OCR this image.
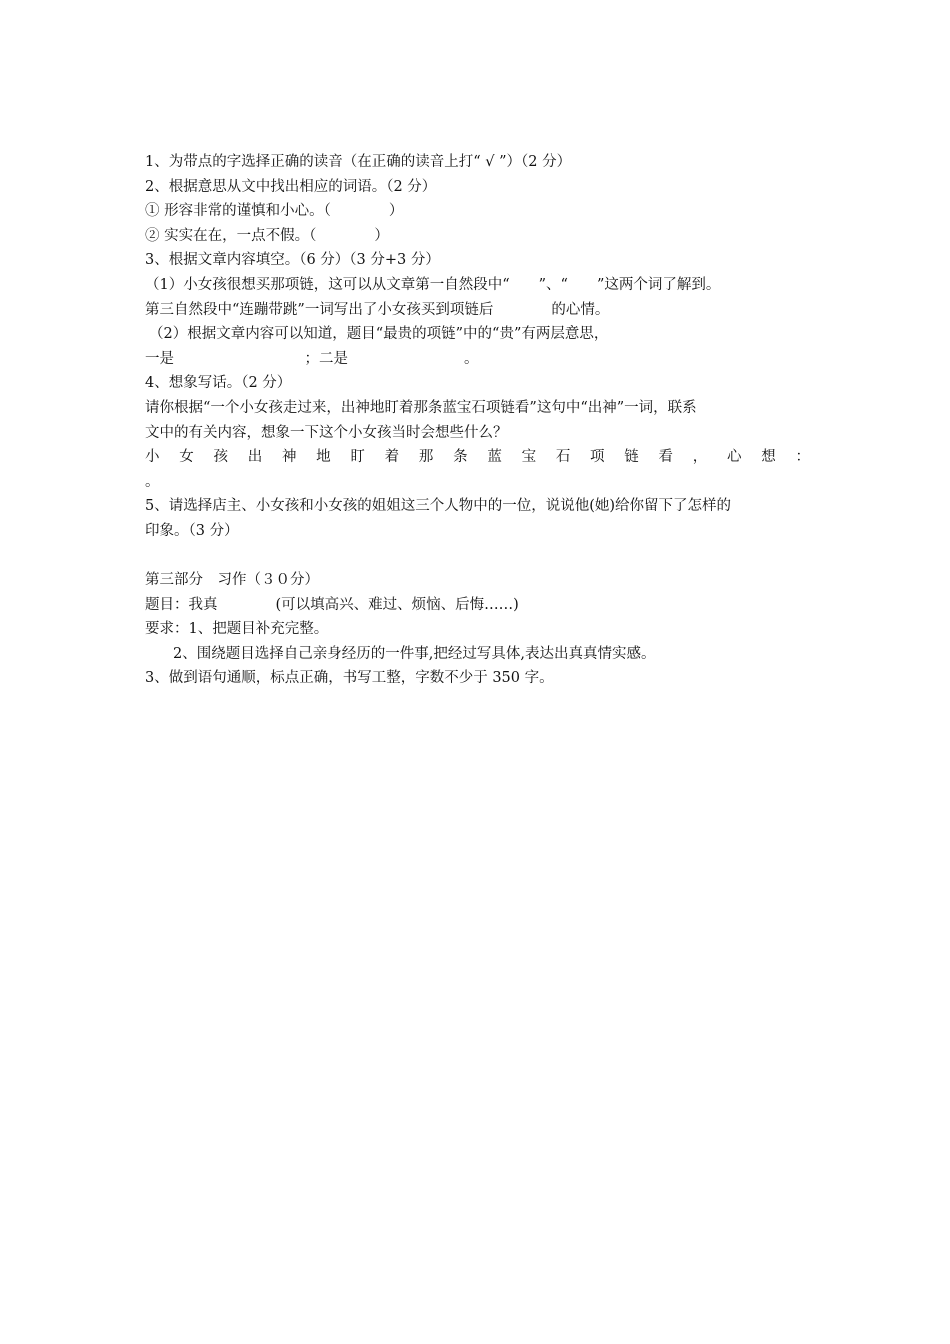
1、为带点的字选择正确的读音（在正确的读音上打“ √ ”）（2 分）
2、根据意思从文中找出相应的词语。（2 分）
① 形容非常的谨慎和小心。（　　　　）
② 实实在在，一点不假。（　　　　）
3、根据文章内容填空。（6 分）（3 分+3 分）
（1）小女孩很想买那项链，这可以从文章第一自然段中“　　”、“　　”这两个词了解到。
第三自然段中“连蹦带跳”一词写出了小女孩买到项链后　　　　的心情。
（2）根据文章内容可以知道，题目“最贵的项链”中的“贵”有两层意思，
一是　　　　　　　　　；二是　　　　　　　　。
4、想象写话。（2 分）
请你根据“一个小女孩走过来，出神地盯着那条蓝宝石项链看”这句中“出神”一词，联系
文中的有关内容，想象一下这个小女孩当时会想些什么？
小 女 孩 出 神 地 盯 着 那 条 蓝 宝 石 项 链 看 ， 心 想 ：
。
5、请选择店主、小女孩和小女孩的姐姐这三个人物中的一位，说说他(她)给你留下了怎样的
印象。（3 分）
第三部分　习作（３０分）
题目：我真　　　　(可以填高兴、难过、烦恼、后悔……)
要求：1、把题目补充完整。
2、围绕题目选择自己亲身经历的一件事,把经过写具体,表达出真真情实感。
3、做到语句通顺，标点正确，书写工整，字数不少于 350 字。
